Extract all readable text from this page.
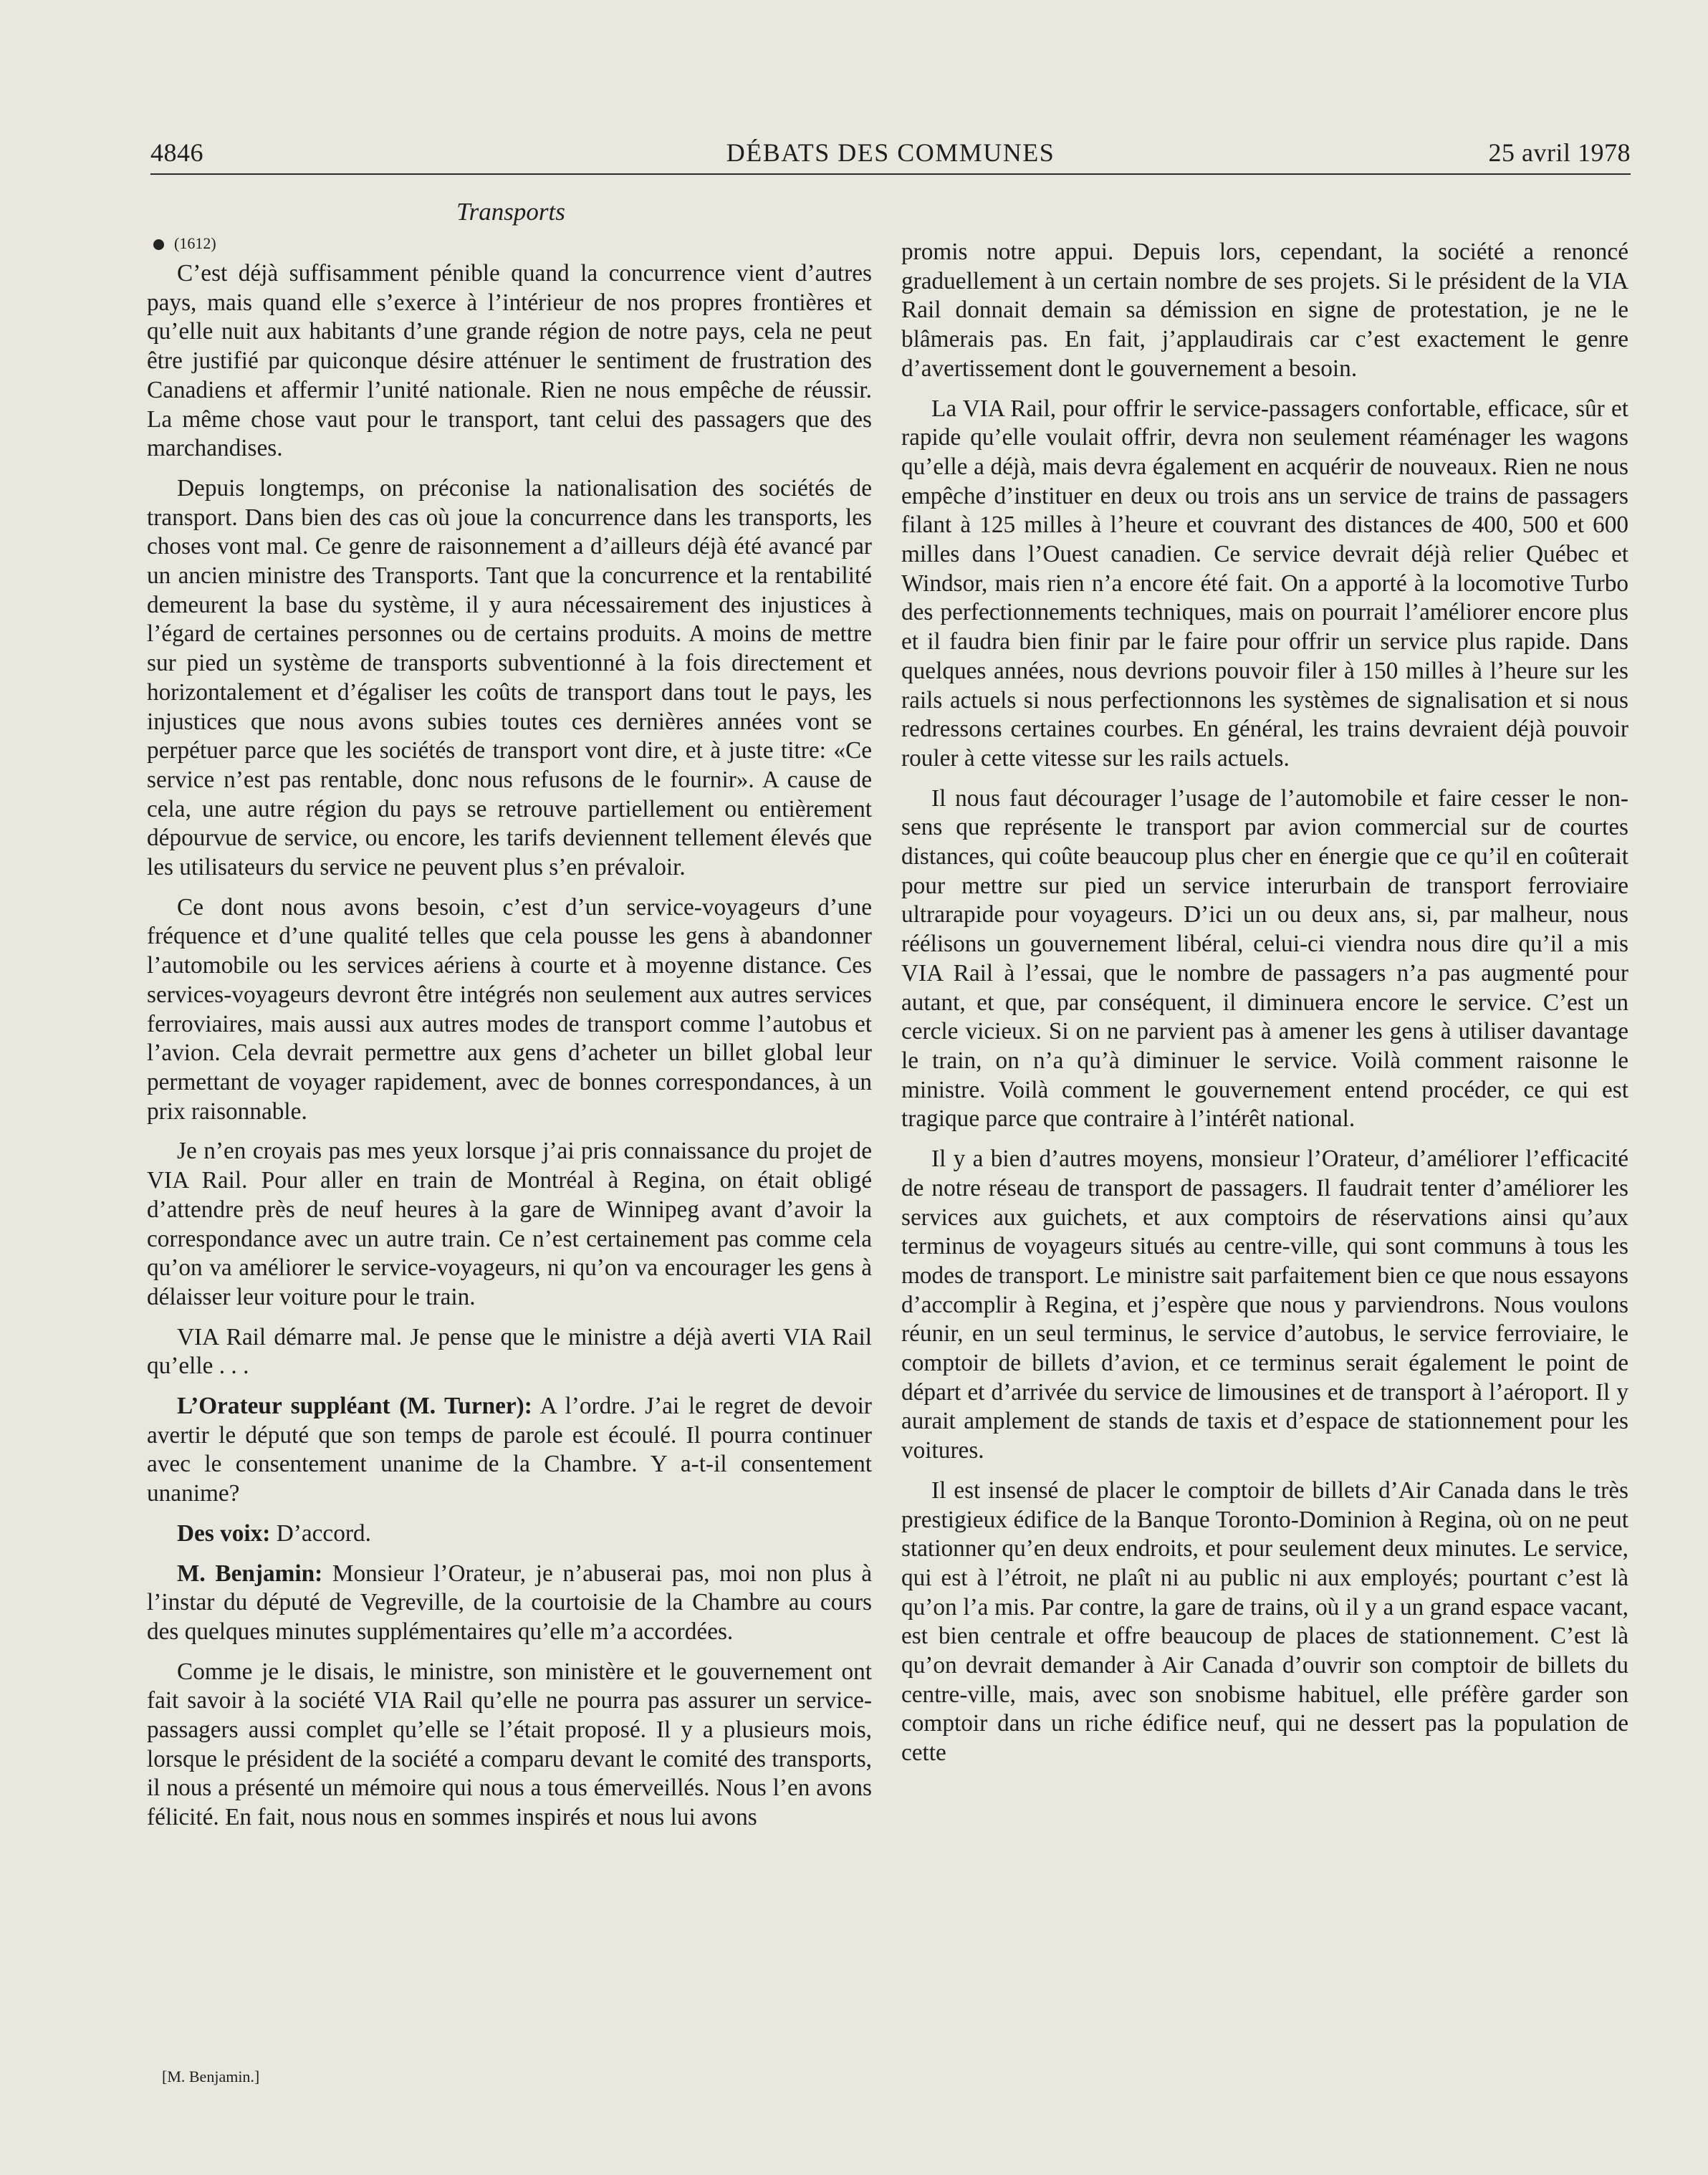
4846	DÉBATS DES COMMUNES	25 avril 1978
Transports
(1612)

C’est déjà suffisamment pénible quand la concurrence vient d’autres pays, mais quand elle s’exerce à l’intérieur de nos propres frontières et qu’elle nuit aux habitants d’une grande région de notre pays, cela ne peut être justifié par quiconque désire atténuer le sentiment de frustration des Canadiens et affermir l’unité nationale. Rien ne nous empêche de réussir. La même chose vaut pour le transport, tant celui des passagers que des marchandises.

Depuis longtemps, on préconise la nationalisation des sociétés de transport. Dans bien des cas où joue la concurrence dans les transports, les choses vont mal. Ce genre de raisonnement a d’ailleurs déjà été avancé par un ancien ministre des Transports. Tant que la concurrence et la rentabilité demeurent la base du système, il y aura nécessairement des injustices à l’égard de certaines personnes ou de certains produits. A moins de mettre sur pied un système de transports subventionné à la fois directement et horizontalement et d’égaliser les coûts de transport dans tout le pays, les injustices que nous avons subies toutes ces dernières années vont se perpétuer parce que les sociétés de transport vont dire, et à juste titre: «Ce service n’est pas rentable, donc nous refusons de le fournir». A cause de cela, une autre région du pays se retrouve partiellement ou entièrement dépourvue de service, ou encore, les tarifs deviennent tellement élevés que les utilisateurs du service ne peuvent plus s’en prévaloir.

Ce dont nous avons besoin, c’est d’un service-voyageurs d’une fréquence et d’une qualité telles que cela pousse les gens à abandonner l’automobile ou les services aériens à courte et à moyenne distance. Ces services-voyageurs devront être intégrés non seulement aux autres services ferroviaires, mais aussi aux autres modes de transport comme l’autobus et l’avion. Cela devrait permettre aux gens d’acheter un billet global leur permettant de voyager rapidement, avec de bonnes correspondances, à un prix raisonnable.

Je n’en croyais pas mes yeux lorsque j’ai pris connaissance du projet de VIA Rail. Pour aller en train de Montréal à Regina, on était obligé d’attendre près de neuf heures à la gare de Winnipeg avant d’avoir la correspondance avec un autre train. Ce n’est certainement pas comme cela qu’on va améliorer le service-voyageurs, ni qu’on va encourager les gens à délaisser leur voiture pour le train.

VIA Rail démarre mal. Je pense que le ministre a déjà averti VIA Rail qu’elle . . .

L’Orateur suppléant (M. Turner): A l’ordre. J’ai le regret de devoir avertir le député que son temps de parole est écoulé. Il pourra continuer avec le consentement unanime de la Chambre. Y a-t-il consentement unanime?

Des voix: D’accord.

M. Benjamin: Monsieur l’Orateur, je n’abuserai pas, moi non plus à l’instar du député de Vegreville, de la courtoisie de la Chambre au cours des quelques minutes supplémentaires qu’elle m’a accordées.

Comme je le disais, le ministre, son ministère et le gouvernement ont fait savoir à la société VIA Rail qu’elle ne pourra pas assurer un service-passagers aussi complet qu’elle se l’était proposé. Il y a plusieurs mois, lorsque le président de la société a comparu devant le comité des transports, il nous a présenté un mémoire qui nous a tous émerveillés. Nous l’en avons félicité. En fait, nous nous en sommes inspirés et nous lui avons

promis notre appui. Depuis lors, cependant, la société a renoncé graduellement à un certain nombre de ses projets. Si le président de la VIA Rail donnait demain sa démission en signe de protestation, je ne le blâmerais pas. En fait, j’applaudirais car c’est exactement le genre d’avertissement dont le gouvernement a besoin.

La VIA Rail, pour offrir le service-passagers confortable, efficace, sûr et rapide qu’elle voulait offrir, devra non seulement réaménager les wagons qu’elle a déjà, mais devra également en acquérir de nouveaux. Rien ne nous empêche d’instituer en deux ou trois ans un service de trains de passagers filant à 125 milles à l’heure et couvrant des distances de 400, 500 et 600 milles dans l’Ouest canadien. Ce service devrait déjà relier Québec et Windsor, mais rien n’a encore été fait. On a apporté à la locomotive Turbo des perfectionnements techniques, mais on pourrait l’améliorer encore plus et il faudra bien finir par le faire pour offrir un service plus rapide. Dans quelques années, nous devrions pouvoir filer à 150 milles à l’heure sur les rails actuels si nous perfectionnons les systèmes de signalisation et si nous redressons certaines courbes. En général, les trains devraient déjà pouvoir rouler à cette vitesse sur les rails actuels.

Il nous faut décourager l’usage de l’automobile et faire cesser le non-sens que représente le transport par avion commercial sur de courtes distances, qui coûte beaucoup plus cher en énergie que ce qu’il en coûterait pour mettre sur pied un service interurbain de transport ferroviaire ultrarapide pour voyageurs. D’ici un ou deux ans, si, par malheur, nous réélisons un gouvernement libéral, celui-ci viendra nous dire qu’il a mis VIA Rail à l’essai, que le nombre de passagers n’a pas augmenté pour autant, et que, par conséquent, il diminuera encore le service. C’est un cercle vicieux. Si on ne parvient pas à amener les gens à utiliser davantage le train, on n’a qu’à diminuer le service. Voilà comment raisonne le ministre. Voilà comment le gouvernement entend procéder, ce qui est tragique parce que contraire à l’intérêt national.

Il y a bien d’autres moyens, monsieur l’Orateur, d’améliorer l’efficacité de notre réseau de transport de passagers. Il faudrait tenter d’améliorer les services aux guichets, et aux comptoirs de réservations ainsi qu’aux terminus de voyageurs situés au centre-ville, qui sont communs à tous les modes de transport. Le ministre sait parfaitement bien ce que nous essayons d’accomplir à Regina, et j’espère que nous y parviendrons. Nous voulons réunir, en un seul terminus, le service d’autobus, le service ferroviaire, le comptoir de billets d’avion, et ce terminus serait également le point de départ et d’arrivée du service de limousines et de transport à l’aéroport. Il y aurait amplement de stands de taxis et d’espace de stationnement pour les voitures.

Il est insensé de placer le comptoir de billets d’Air Canada dans le très prestigieux édifice de la Banque Toronto-Dominion à Regina, où on ne peut stationner qu’en deux endroits, et pour seulement deux minutes. Le service, qui est à l’étroit, ne plaît ni au public ni aux employés; pourtant c’est là qu’on l’a mis. Par contre, la gare de trains, où il y a un grand espace vacant, est bien centrale et offre beaucoup de places de stationnement. C’est là qu’on devrait demander à Air Canada d’ouvrir son comptoir de billets du centre-ville, mais, avec son snobisme habituel, elle préfère garder son comptoir dans un riche édifice neuf, qui ne dessert pas la population de cette

[M. Benjamin.]
